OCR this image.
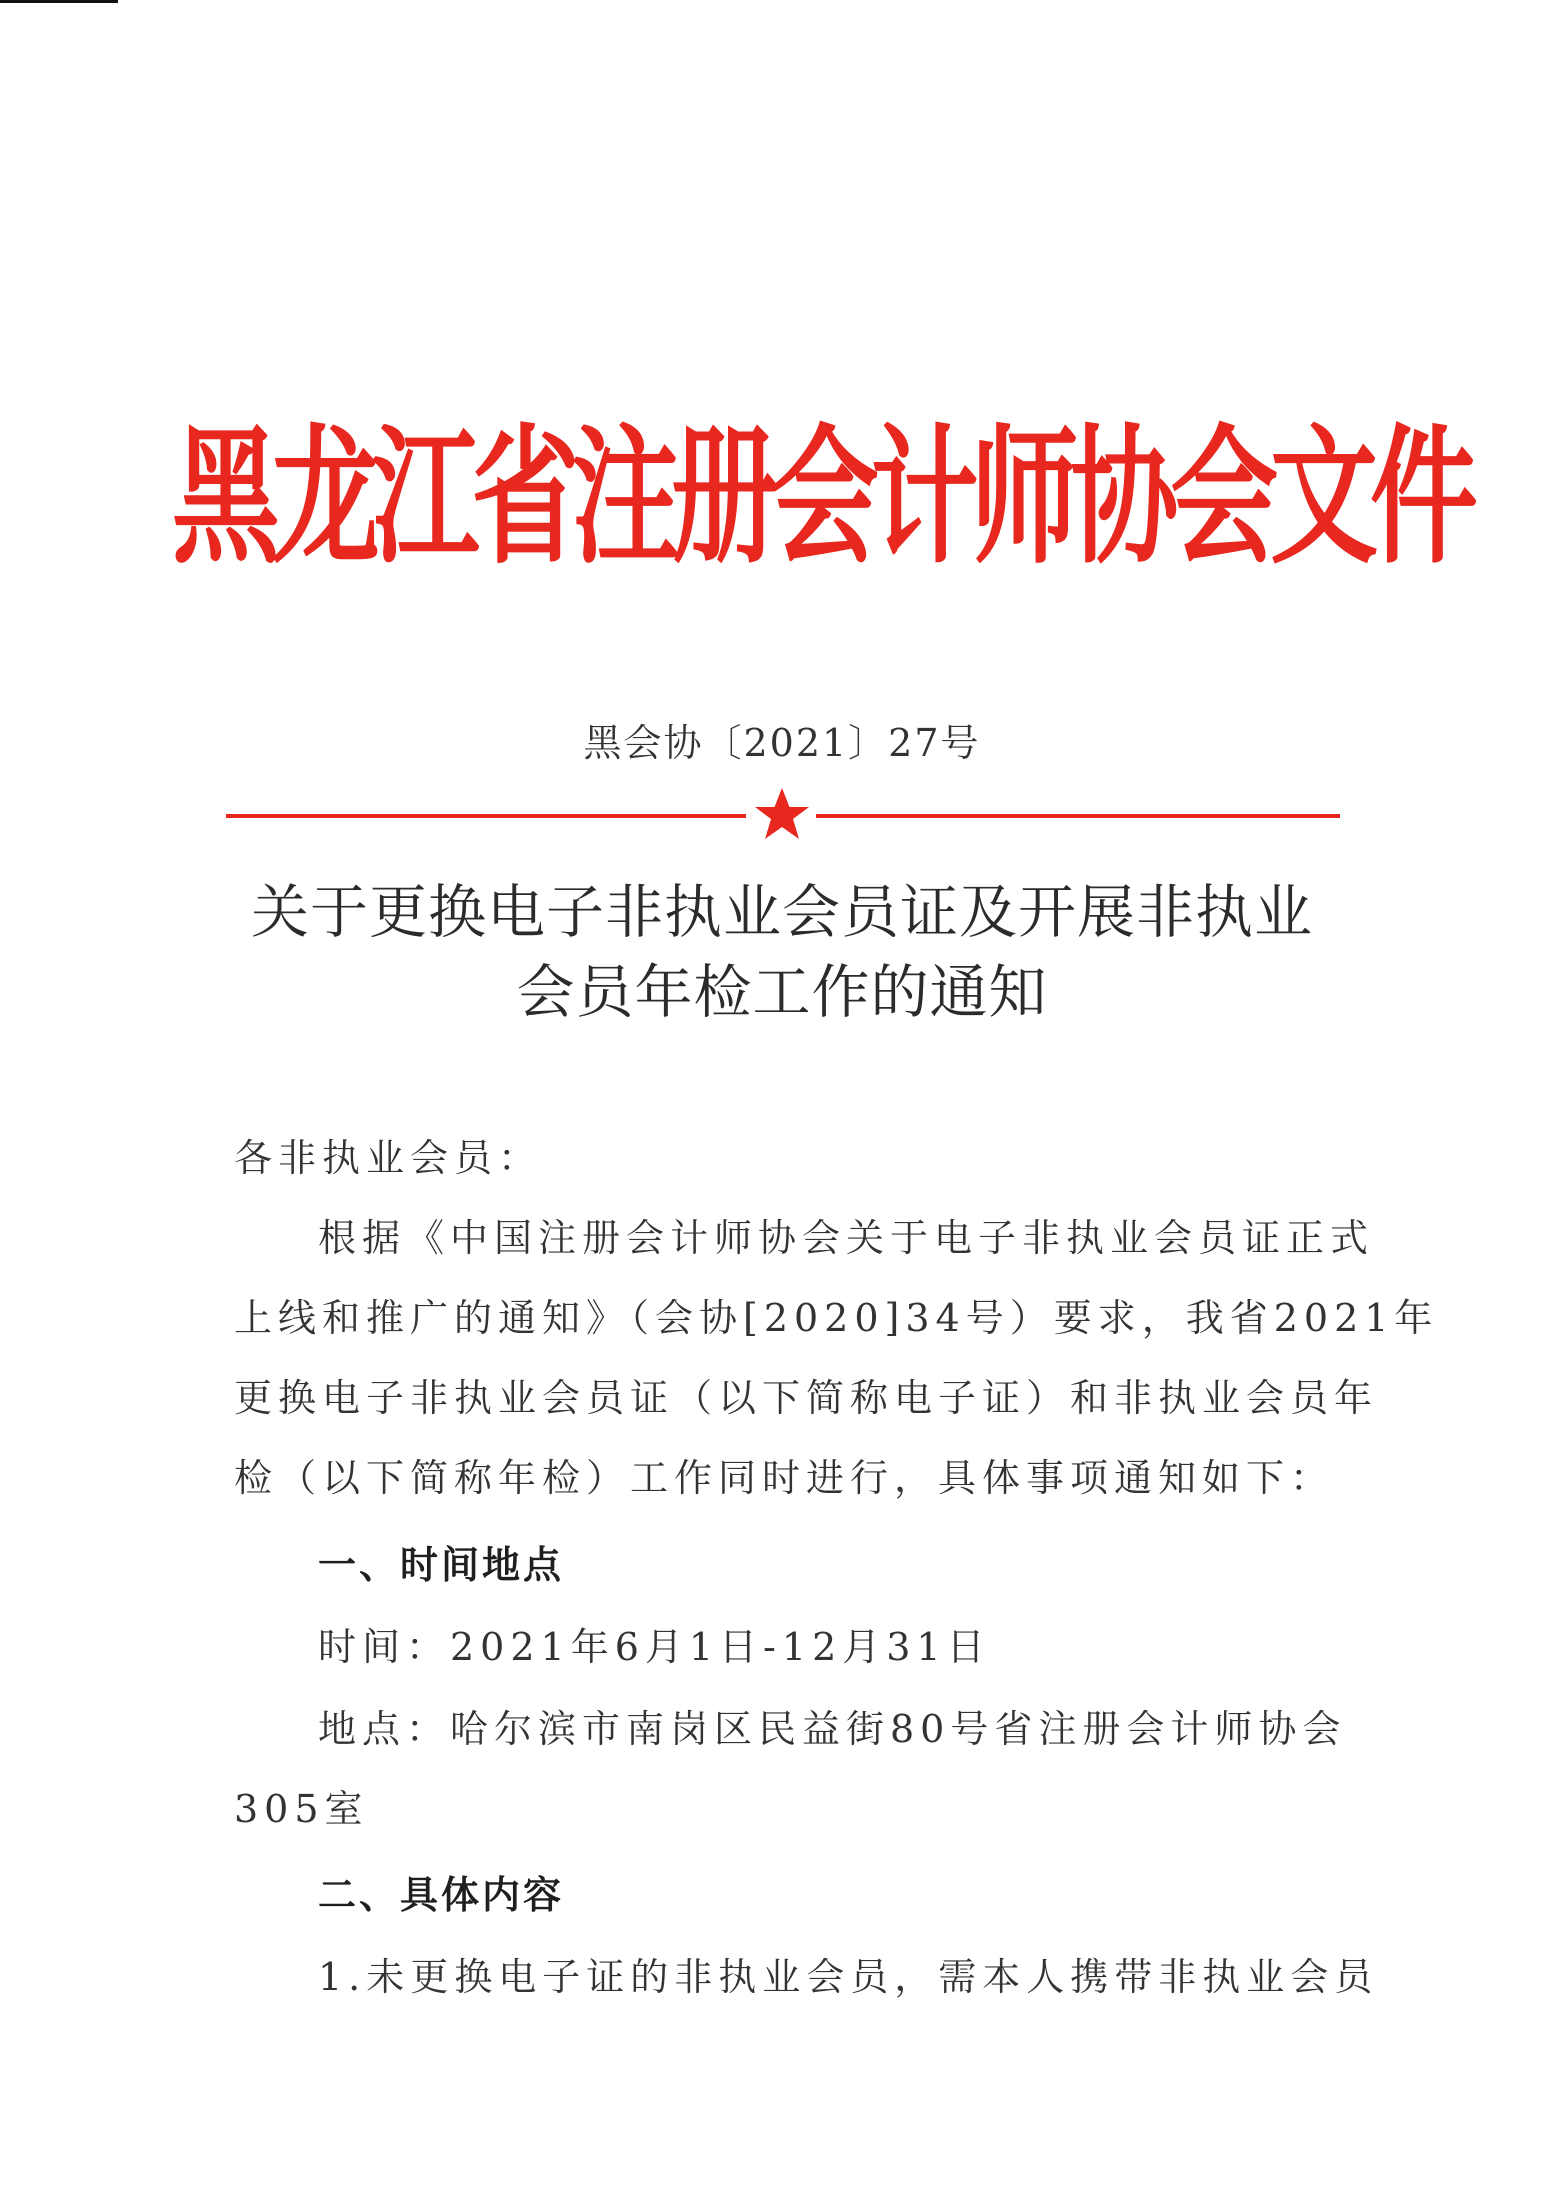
黑龙江省注册会计师协会文件
黑会协〔2021〕27号
关于更换电子非执业会员证及开展非执业
会员年检工作的通知
各非执业会员：
根据《中国注册会计师协会关于电子非执业会员证正式
上线和推广的通知》（会协[2020]34号）要求，我省2021年
更换电子非执业会员证（以下简称电子证）和非执业会员年
检（以下简称年检）工作同时进行，具体事项通知如下：
一、时间地点
时间：2021年6月1日-12月31日
地点：哈尔滨市南岗区民益街80号省注册会计师协会
305室
二、具体内容
1.未更换电子证的非执业会员，需本人携带非执业会员
